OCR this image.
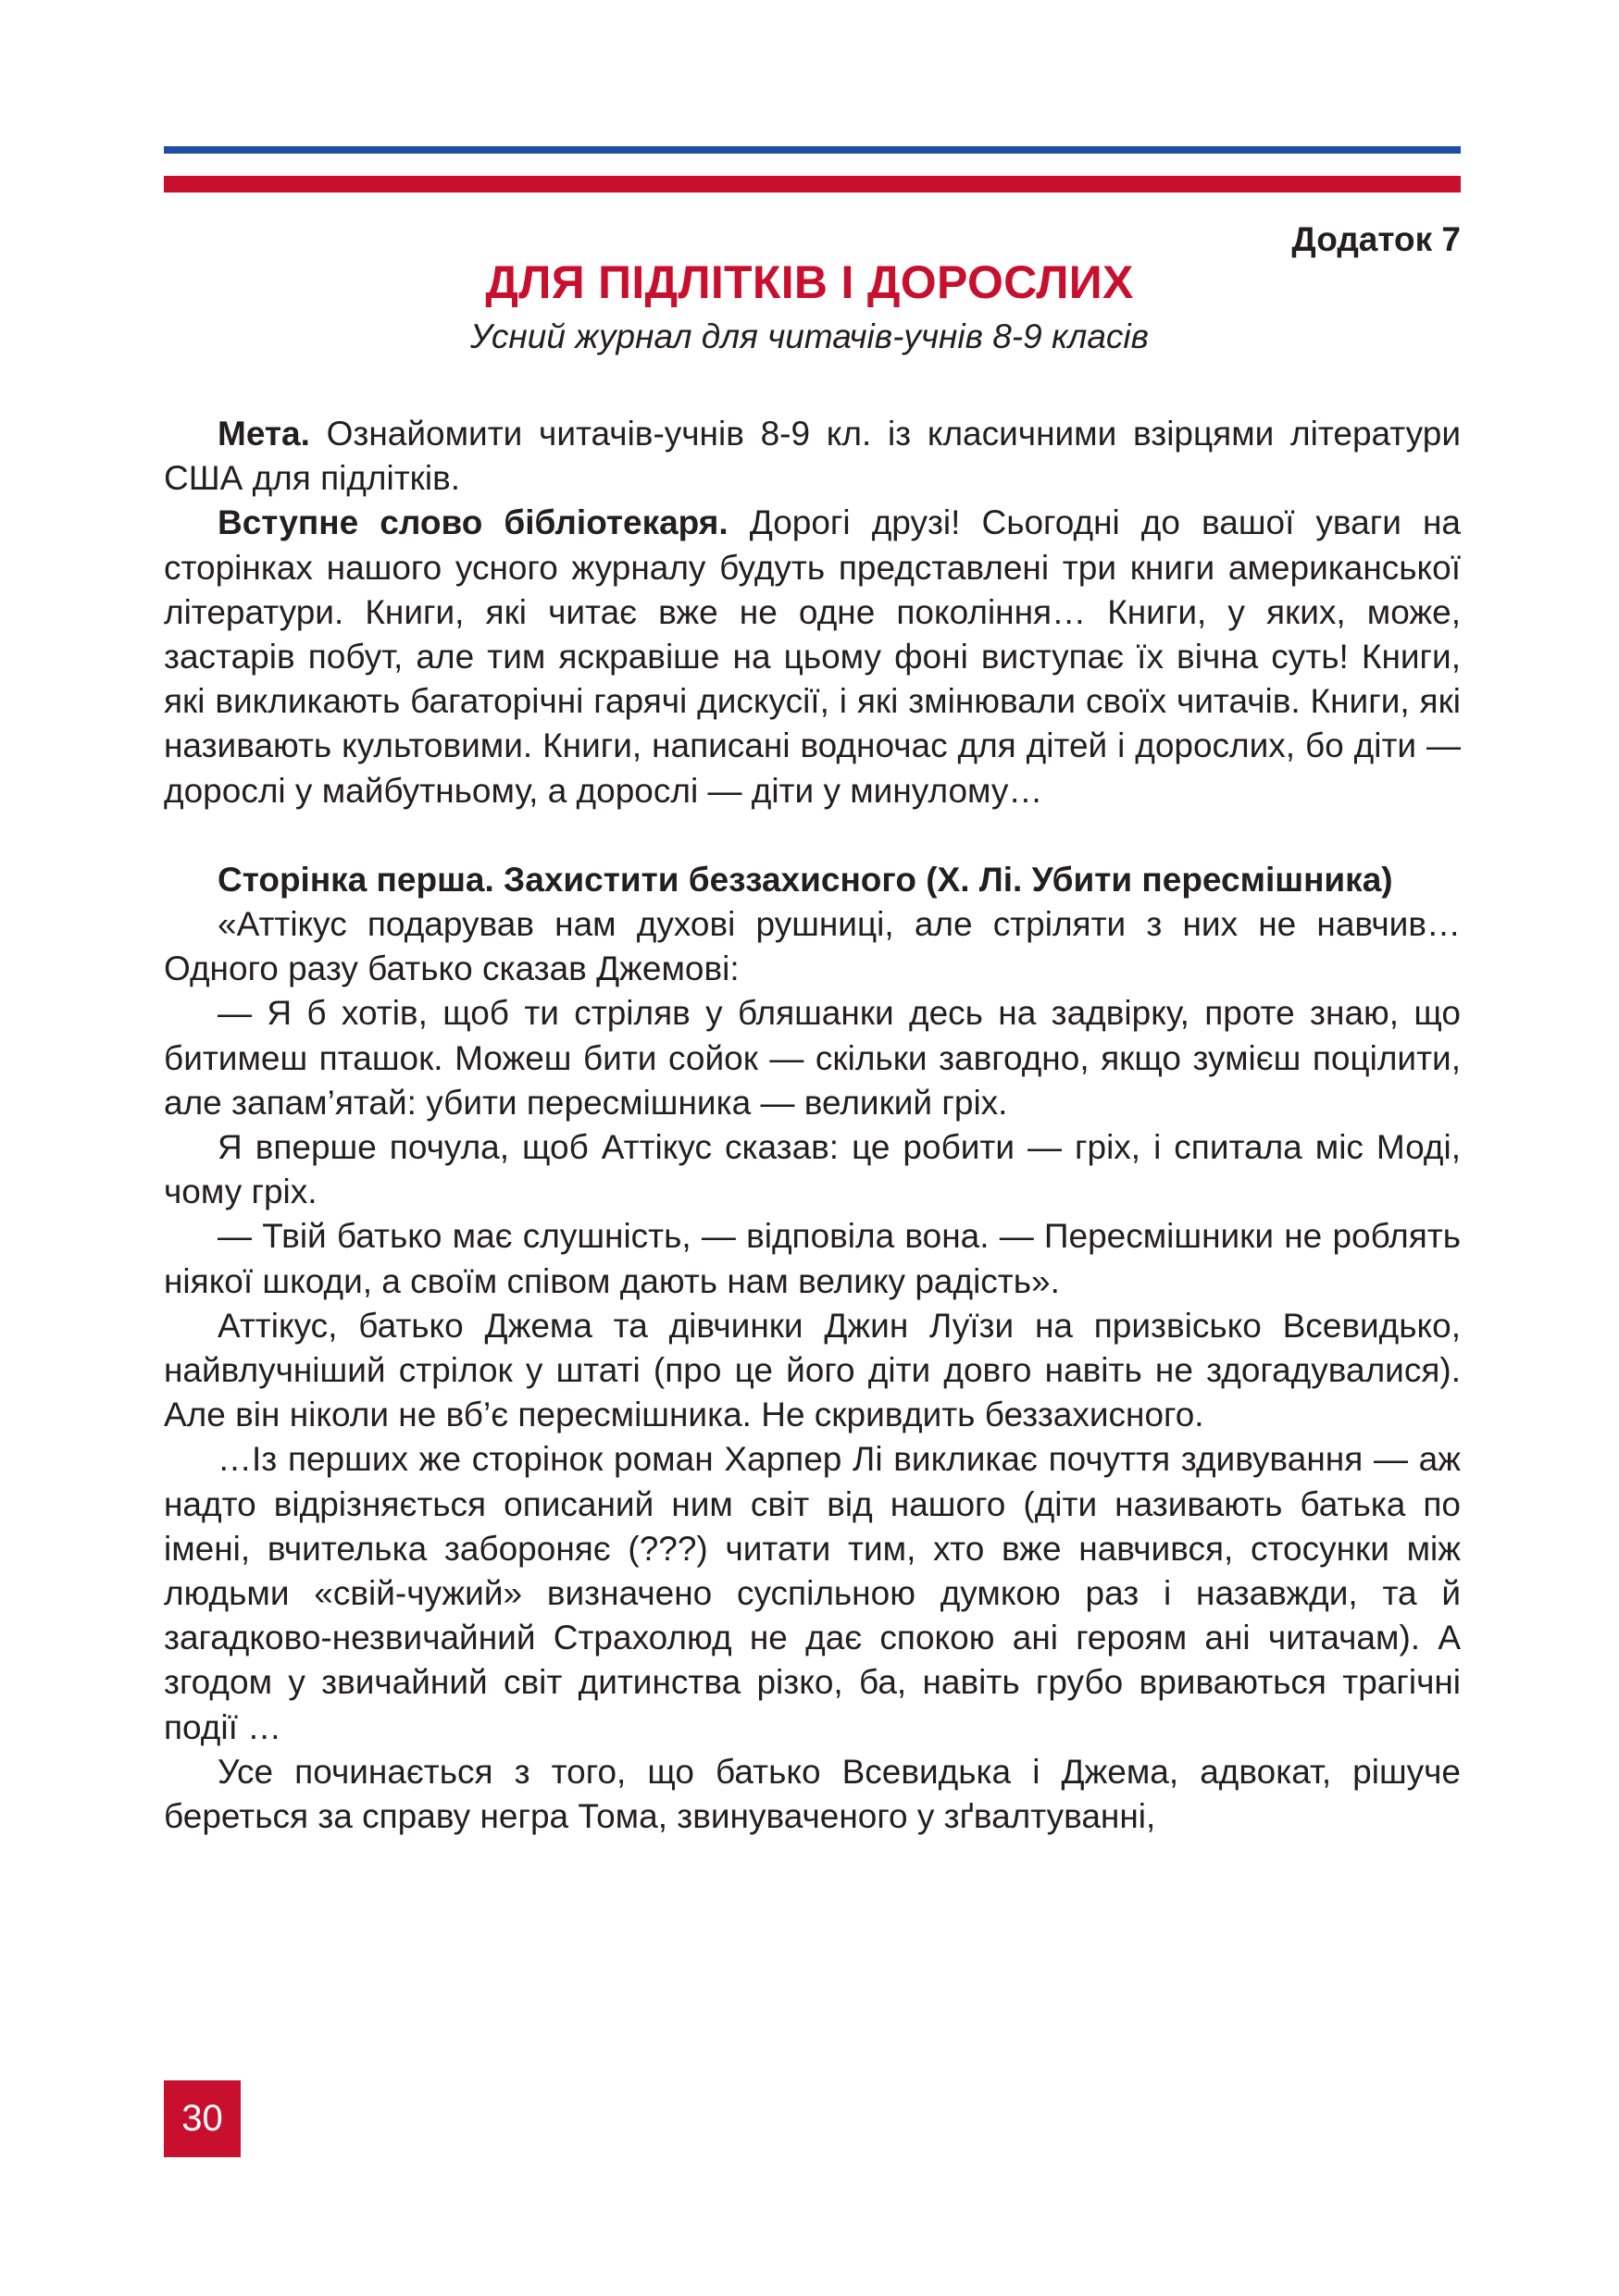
Додаток 7
ДЛЯ ПІДЛІТКІВ І ДОРОСЛИХ
Усний журнал для читачів-учнів 8-9 класів

Мета. Ознайомити читачів-учнів 8-9 кл. із класичними взірцями літератури США для підлітків.

Вступне слово бібліотекаря. Дорогі друзі! Сьогодні до вашої уваги на сторінках нашого усного журналу будуть представлені три книги американської літератури. Книги, які читає вже не одне покоління… Книги, у яких, може, застарів побут, але тим яскравіше на цьому фоні виступає їх вічна суть! Книги, які викликають багаторічні гарячі дискусії, і які змінювали своїх читачів. Книги, які називають культовими. Книги, написані водночас для дітей і дорослих, бо діти — дорослі у майбутньому, а дорослі — діти у минулому…

Сторінка перша. Захистити беззахисного (Х. Лі. Убити пересмішника)

«Аттікус подарував нам духові рушниці, але стріляти з них не навчив… Одного разу батько сказав Джемові:

— Я б хотів, щоб ти стріляв у бляшанки десь на задвірку, проте знаю, що битимеш пташок. Можеш бити сойок — скільки завгодно, якщо зумієш поцілити, але запам’ятай: убити пересмішника — великий гріх.

Я вперше почула, щоб Аттікус сказав: це робити — гріх, і спитала міс Моді, чому гріх.

— Твій батько має слушність, — відповіла вона. — Пересмішники не роблять ніякої шкоди, а своїм співом дають нам велику радість».

Аттікус, батько Джема та дівчинки Джин Луїзи на призвісько Всевидько, найвлучніший стрілок у штаті (про це його діти довго навіть не здогадувалися). Але він ніколи не вб’є пересмішника. Не скривдить беззахисного.

…Із перших же сторінок роман Харпер Лі викликає почуття здивування — аж надто відрізняється описаний ним світ від нашого (діти називають батька по імені, вчителька забороняє (???) читати тим, хто вже навчився, стосунки між людьми «свій-чужий» визначено суспільною думкою раз і назавжди, та й загадково-незвичайний Страхолюд не дає спокою ані героям ані читачам). А згодом у звичайний світ дитинства різко, ба, навіть грубо вриваються трагічні події …

Усе починається з того, що батько Всевидька і Джема, адвокат, рішуче береться за справу негра Тома, звинуваченого у зґвалтуванні,

30
